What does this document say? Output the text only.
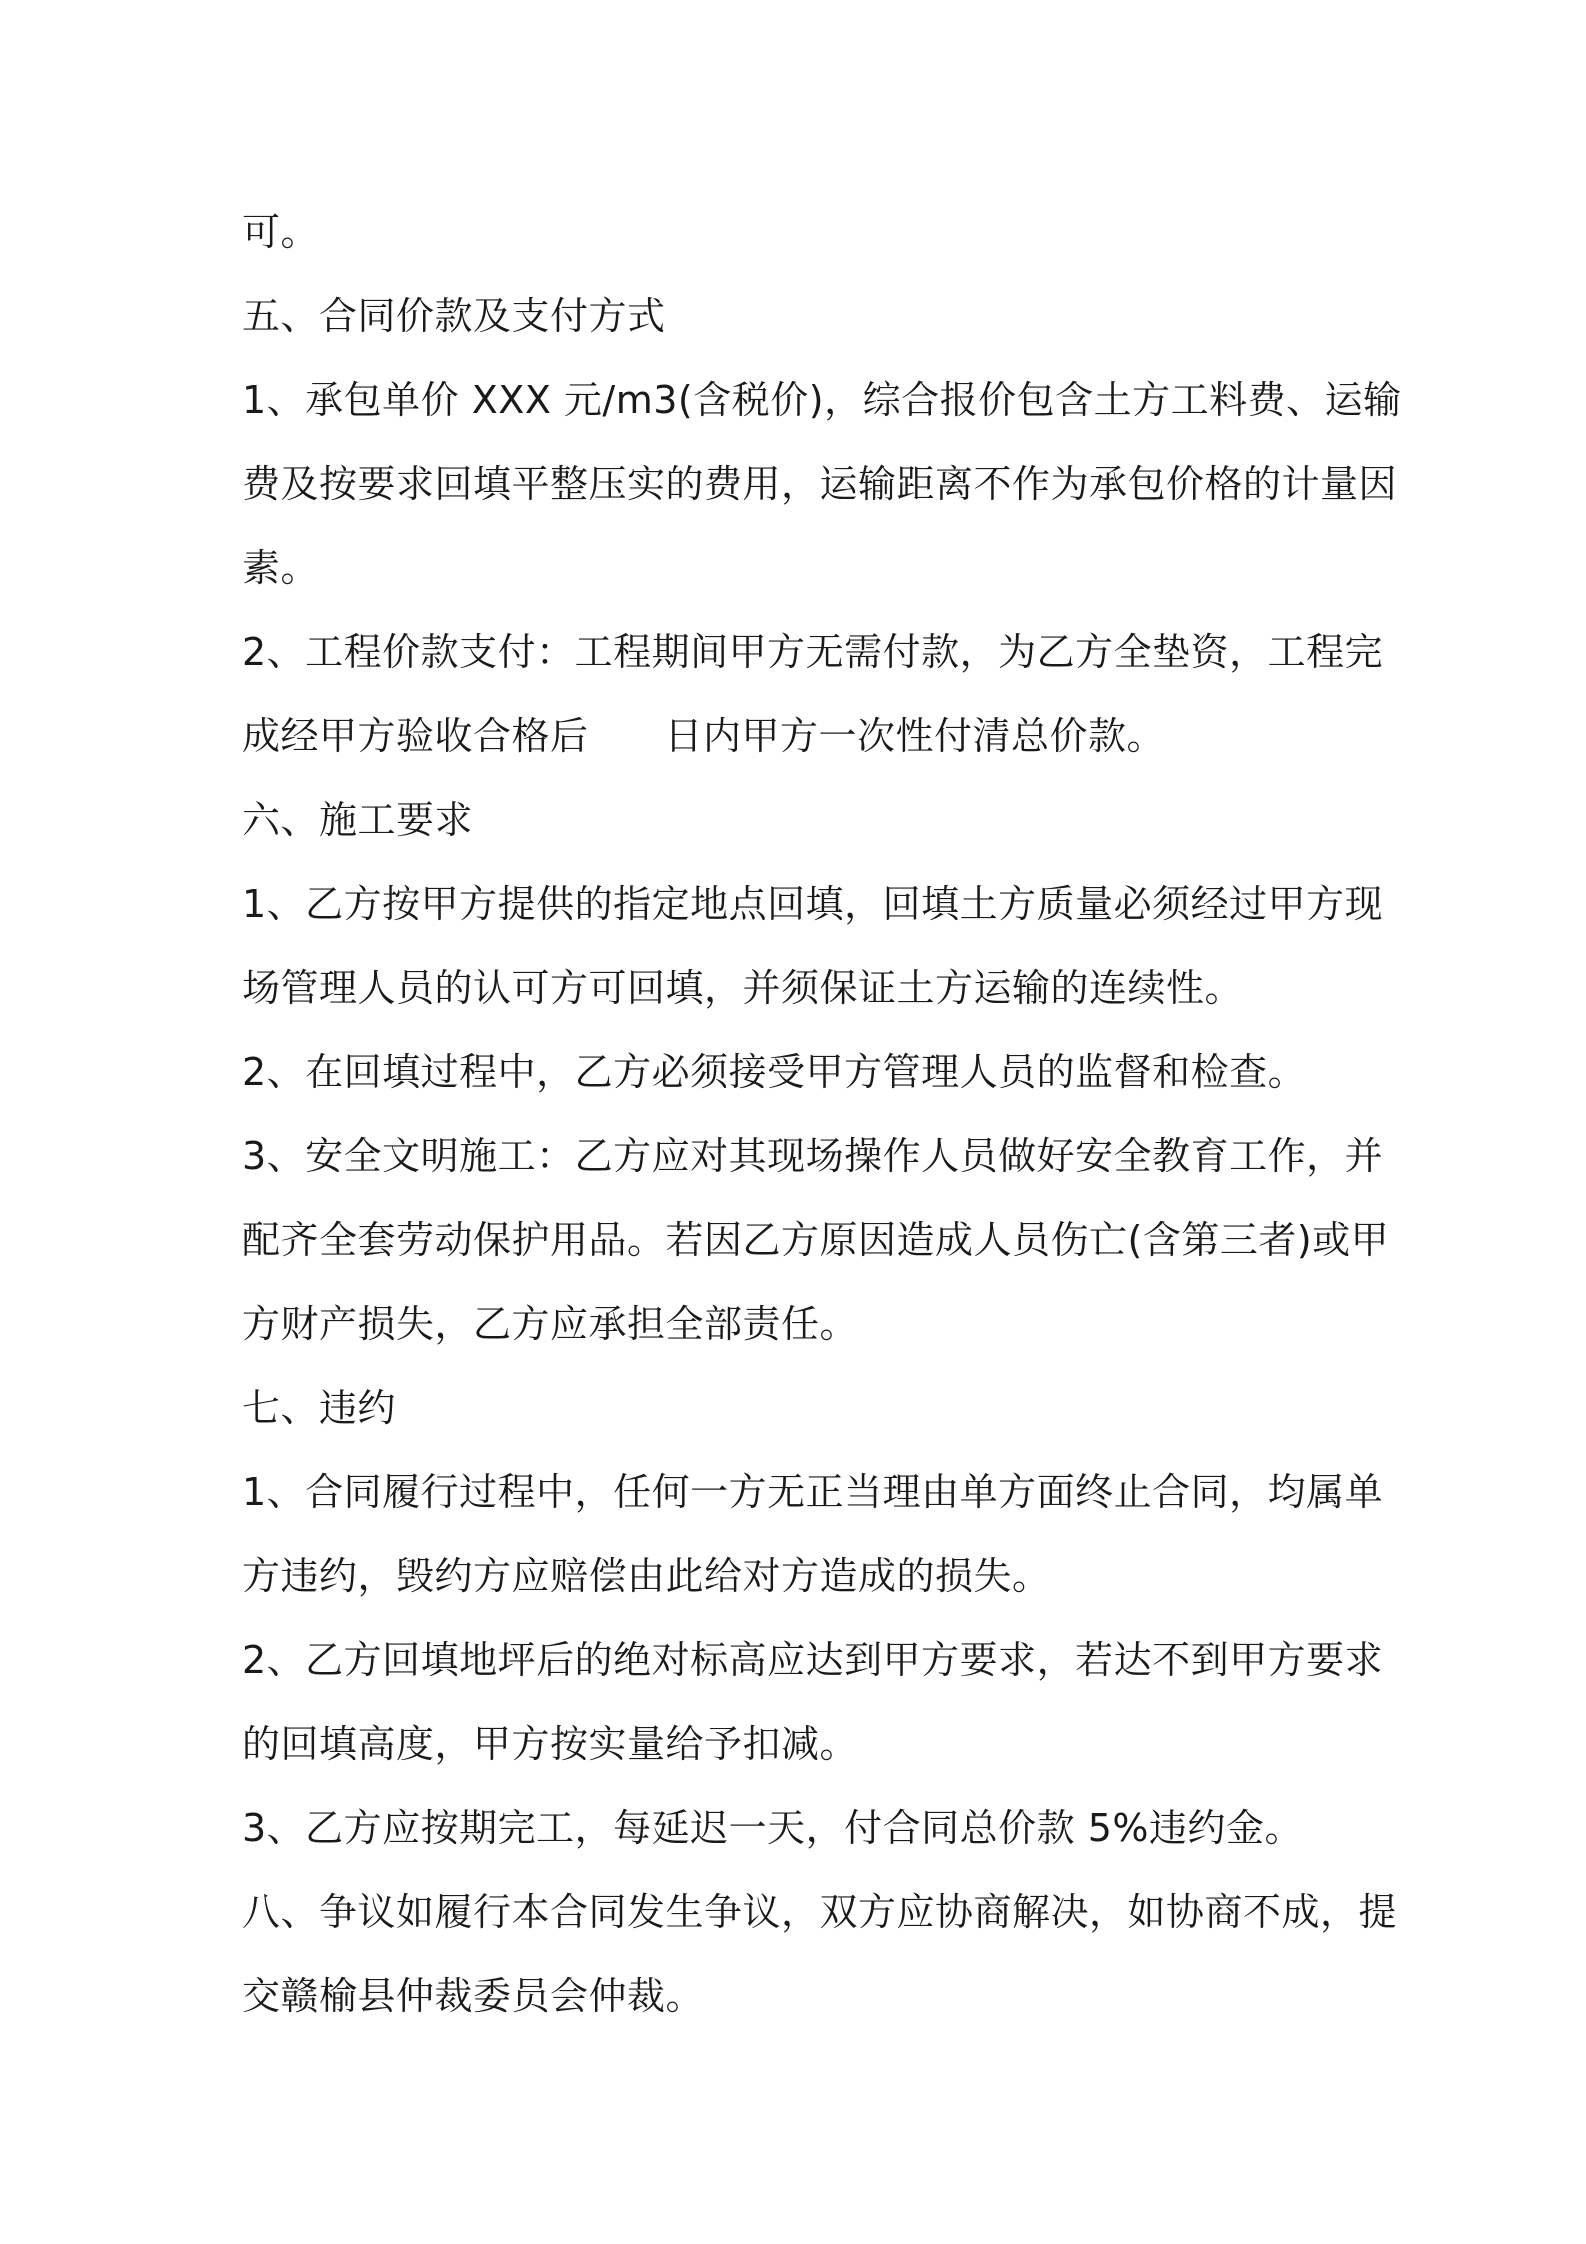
可。
五、合同价款及支付方式
1、承包单价 XXX 元/m3(含税价)，综合报价包含土方工料费、运输
费及按要求回填平整压实的费用，运输距离不作为承包价格的计量因
素。
2、工程价款支付：工程期间甲方无需付款，为乙方全垫资，工程完
成经甲方验收合格后 日内甲方一次性付清总价款。
六、施工要求
1、乙方按甲方提供的指定地点回填，回填土方质量必须经过甲方现
场管理人员的认可方可回填，并须保证土方运输的连续性。
2、在回填过程中，乙方必须接受甲方管理人员的监督和检查。
3、安全文明施工：乙方应对其现场操作人员做好安全教育工作，并
配齐全套劳动保护用品。若因乙方原因造成人员伤亡(含第三者)或甲
方财产损失，乙方应承担全部责任。
七、违约
1、合同履行过程中，任何一方无正当理由单方面终止合同，均属单
方违约，毁约方应赔偿由此给对方造成的损失。
2、乙方回填地坪后的绝对标高应达到甲方要求，若达不到甲方要求
的回填高度，甲方按实量给予扣减。
3、乙方应按期完工，每延迟一天，付合同总价款 5%违约金。
八、争议如履行本合同发生争议，双方应协商解决，如协商不成，提
交赣榆县仲裁委员会仲裁。
